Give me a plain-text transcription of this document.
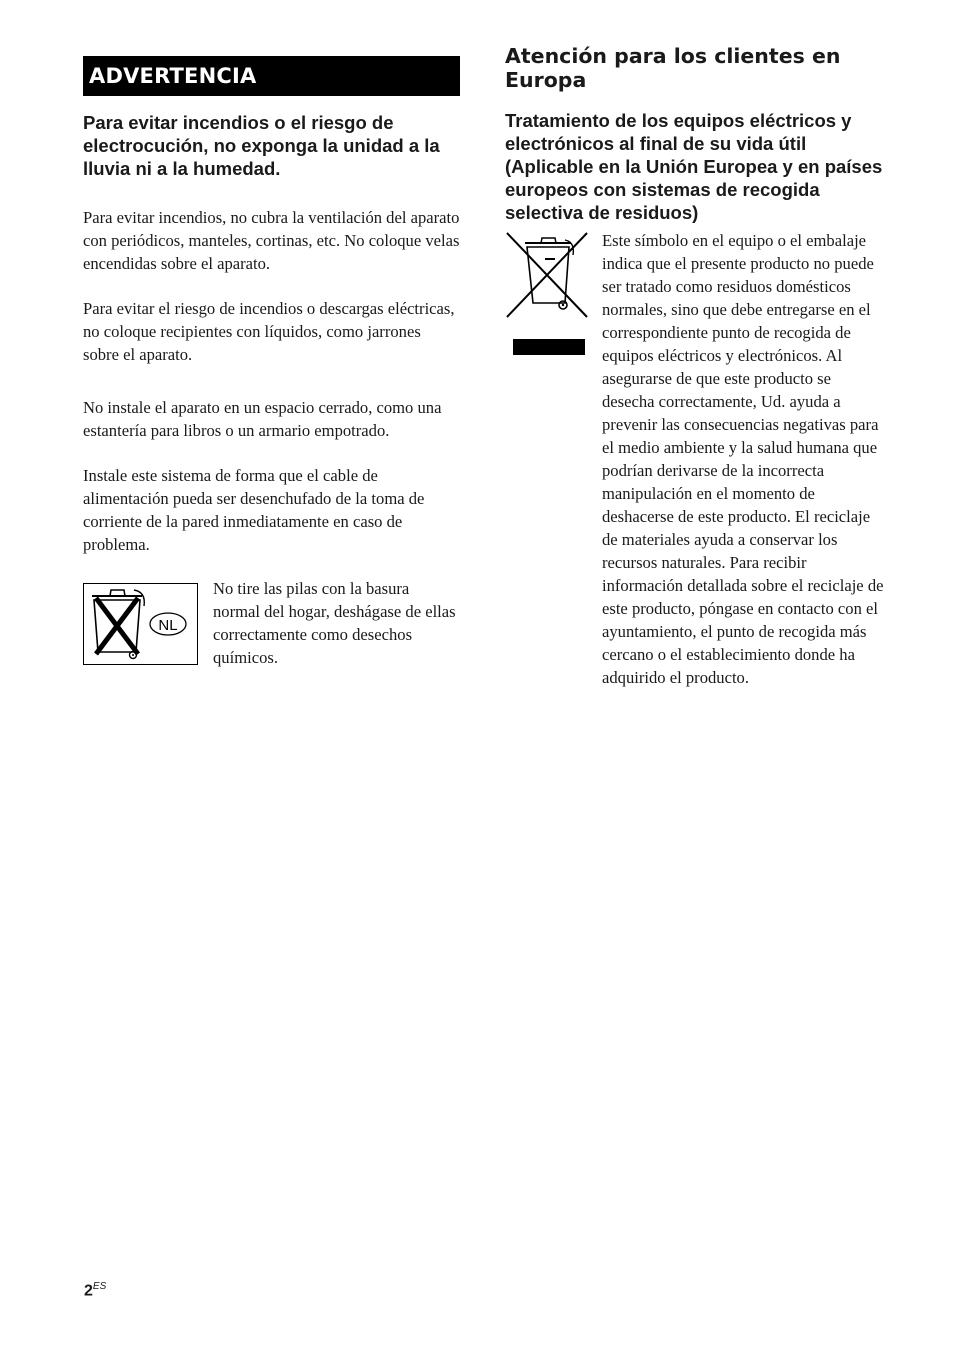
ADVERTENCIA

Para evitar incendios o el riesgo de electrocución, no exponga la unidad a la lluvia ni a la humedad.

Para evitar incendios, no cubra la ventilación del aparato con periódicos, manteles, cortinas, etc. No coloque velas encendidas sobre el aparato.

Para evitar el riesgo de incendios o descargas eléctricas, no coloque recipientes con líquidos, como jarrones sobre el aparato.

No instale el aparato en un espacio cerrado, como una estantería para libros o un armario empotrado.

Instale este sistema de forma que el cable de alimentación pueda ser desenchufado de la toma de corriente de la pared inmediatamente en caso de problema.

NL

No tire las pilas con la basura normal del hogar, deshágase de ellas correctamente como desechos químicos.

Atención para los clientes en Europa
Tratamiento de los equipos eléctricos y electrónicos al final de su vida útil (Aplicable en la Unión Europea y en países europeos con sistemas de recogida selectiva de residuos)

Este símbolo en el equipo o el embalaje indica que el presente producto no puede ser tratado como residuos domésticos normales, sino que debe entregarse en el correspondiente punto de recogida de equipos eléctricos y electrónicos. Al asegurarse de que este producto se desecha correctamente, Ud. ayuda a prevenir las consecuencias negativas para el medio ambiente y la salud humana que podrían derivarse de la incorrecta manipulación en el momento de deshacerse de este producto. El reciclaje de materiales ayuda a conservar los recursos naturales. Para recibir información detallada sobre el reciclaje de este producto, póngase en contacto con el ayuntamiento, el punto de recogida más cercano o el establecimiento donde ha adquirido el producto.

$2^{ES}$
